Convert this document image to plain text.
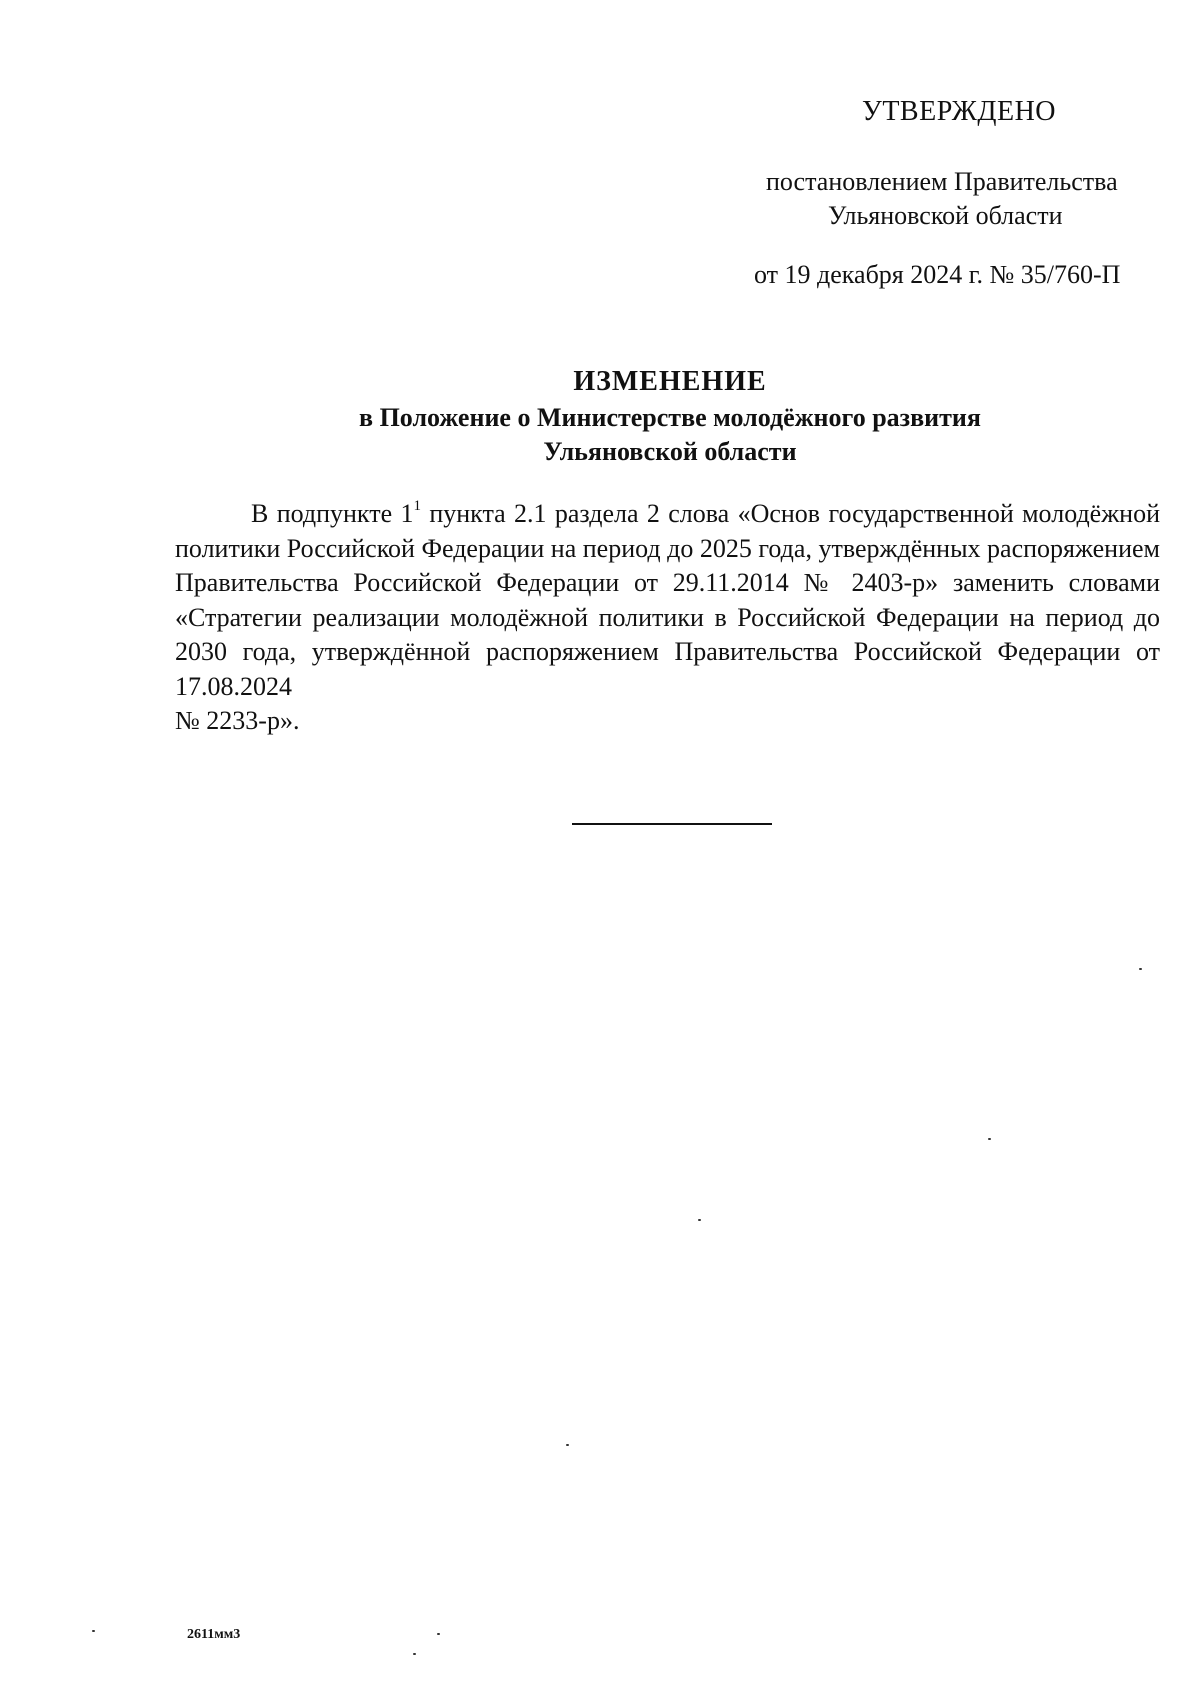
УТВЕРЖДЕНО
постановлением Правительства
Ульяновской области
от 19 декабря 2024 г. № 35/760-П
ИЗМЕНЕНИЕ
в Положение о Министерстве молодёжного развития
Ульяновской области

В подпункте $1^1$ пункта 2.1 раздела 2 слова «Основ государственной молодёжной политики Российской Федерации на период до 2025 года, утверждённых распоряжением Правительства Российской Федерации от 29.11.2014 № 2403-р» заменить словами «Стратегии реализации молодёжной политики в Российской Федерации на период до 2030 года, утверждённой распоряжением Правительства Российской Федерации от 17.08.2024

№ 2233-р».
2611мм3
